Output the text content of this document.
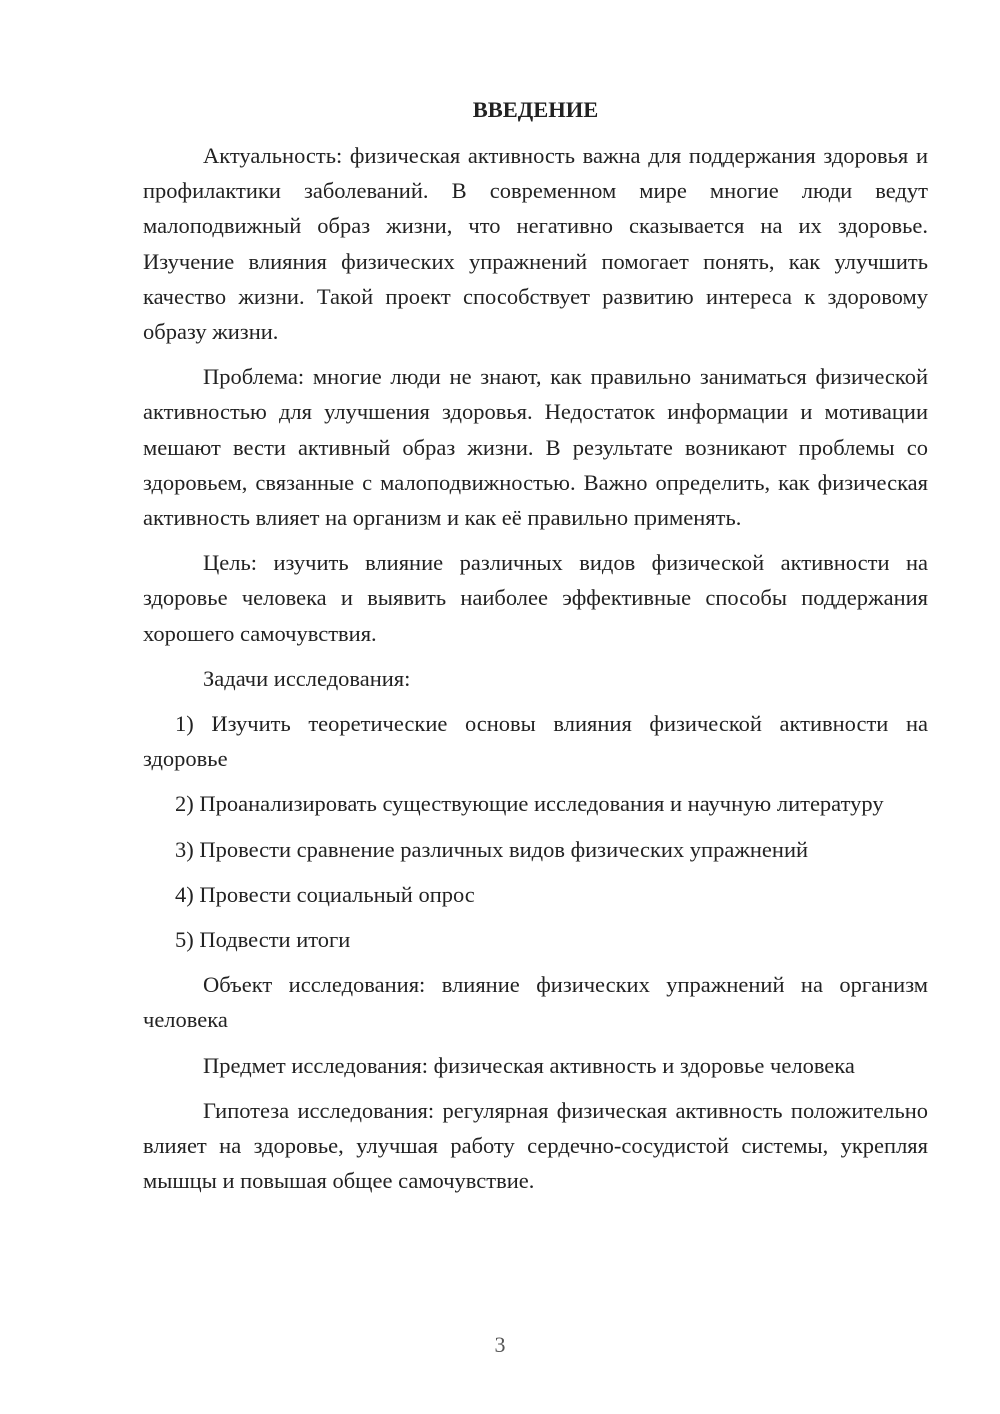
ВВЕДЕНИЕ

Актуальность: физическая активность важна для поддержания здоровья и профилактики заболеваний. В современном мире многие люди ведут малоподвижный образ жизни, что негативно сказывается на их здоровье. Изучение влияния физических упражнений помогает понять, как улучшить качество жизни. Такой проект способствует развитию интереса к здоровому образу жизни.

Проблема: многие люди не знают, как правильно заниматься физической активностью для улучшения здоровья. Недостаток информации и мотивации мешают вести активный образ жизни. В результате возникают проблемы со здоровьем, связанные с малоподвижностью. Важно определить, как физическая активность влияет на организм и как её правильно применять.

Цель: изучить влияние различных видов физической активности на здоровье человека и выявить наиболее эффективные способы поддержания хорошего самочувствия.

Задачи исследования:

1) Изучить теоретические основы влияния физической активности на здоровье

2) Проанализировать существующие исследования и научную литературу

3) Провести сравнение различных видов физических упражнений

4) Провести социальный опрос

5) Подвести итоги

Объект исследования: влияние физических упражнений на организм человека

Предмет исследования: физическая активность и здоровье человека

Гипотеза исследования: регулярная физическая активность положительно влияет на здоровье, улучшая работу сердечно-сосудистой системы, укрепляя мышцы и повышая общее самочувствие.

3
